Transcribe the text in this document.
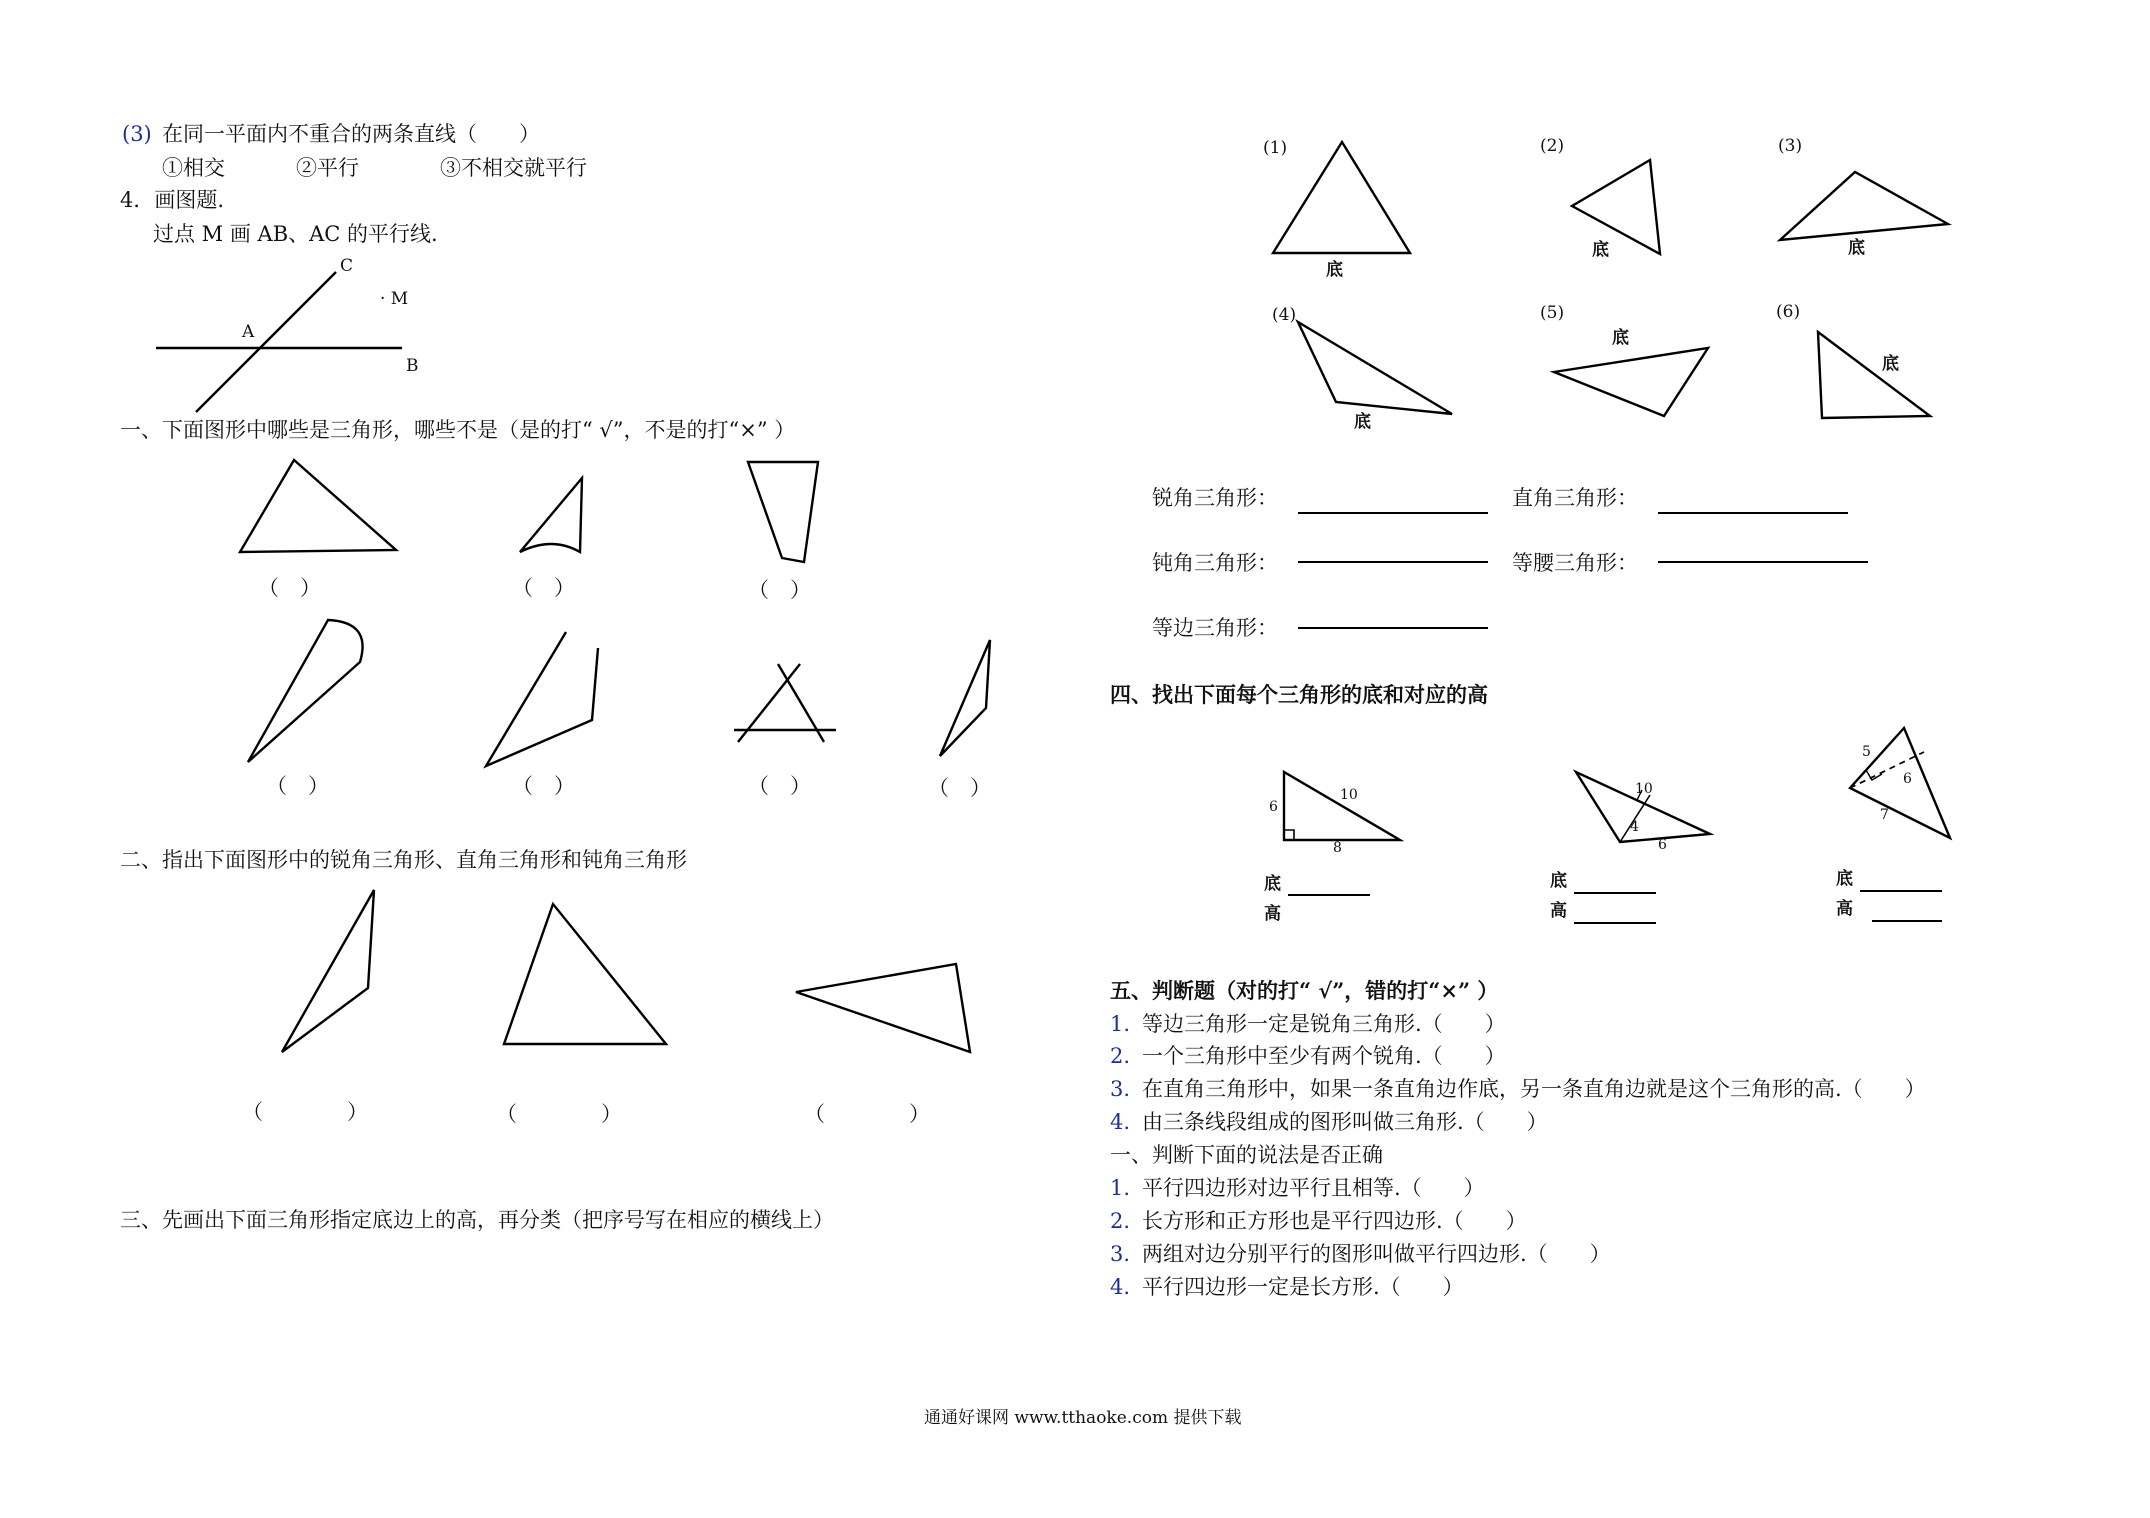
(3) 在同一平面内不重合的两条直线（　　）
①相交	②平行	③不相交就平行
4．画图题.
过点 M 画 AB、AC 的平行线.
C
· M
A
B
一、下面图形中哪些是三角形，哪些不是（是的打“ √”，不是的打“×” ）
（　）	（　）	（　）
（　）	（　）	（　）	（　）
二、指出下面图形中的锐角三角形、直角三角形和钝角三角形
（　　　　）	（　　　　）	（　　　　）
三、先画出下面三角形指定底边上的高，再分类（把序号写在相应的横线上）
(1)	(2)	(3)
(4)	(5)	(6)
底
底	底
底
底
底
锐角三角形：	直角三角形：
钝角三角形：	等腰三角形：
等边三角形：
四、找出下面每个三角形的底和对应的高
6
10
8
10
4
6
5
6
7
底
高
底
高
底
高
五、判断题（对的打“ √”，错的打“×” ）
1. 等边三角形一定是锐角三角形.（　　）
2. 一个三角形中至少有两个锐角.（　　）
3. 在直角三角形中，如果一条直角边作底，另一条直角边就是这个三角形的高.（　　）
4. 由三条线段组成的图形叫做三角形.（　　）
一、判断下面的说法是否正确
1. 平行四边形对边平行且相等.（　　）
2. 长方形和正方形也是平行四边形.（　　）
3. 两组对边分别平行的图形叫做平行四边形.（　　）
4. 平行四边形一定是长方形.（　　）
通通好课网 www.tthaoke.com 提供下载
